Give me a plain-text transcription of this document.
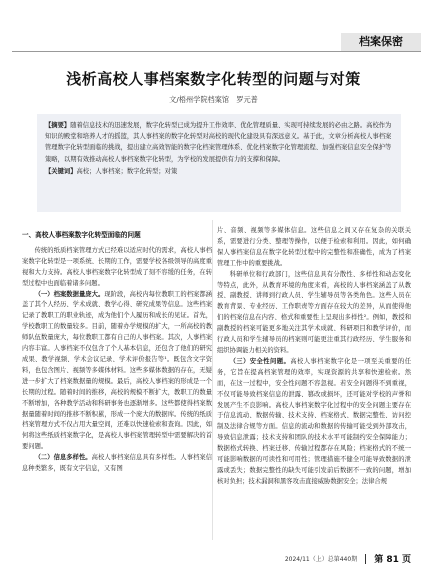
档案保密
浅析高校人事档案数字化转型的问题与对策
文/梧州学院档案馆　罗元普

【摘要】随着信息技术的迅速发展，数字化转型已成为提升工作效率、优化管理质量、实现可持续发展的必由之路。高校作为知识的殿堂和培养人才的摇篮，其人事档案的数字化转型对高校的现代化建设具有深远意义。基于此，文章分析高校人事档案管理数字化转型面临的挑战，提出建立高效智能的数字化档案管理体系、优化档案数字化管理流程、加强档案信息安全保护等策略，以期有效推动高校人事档案数字化转型，为学校的发展提供有力的支撑和保障。

【关键词】高校；人事档案；数字化转型；对策

一、高校人事档案数字化转型面临的问题

传统的纸质档案管理方式已经难以适应时代的需求，高校人事档案数字化转型是一项系统、长期的工作，需要学校各级领导的高度重视和大力支持。高校人事档案数字化转型成了刻不容缓的任务，在转型过程中也面临着诸多问题。

（一）档案数据量庞大。现阶段，高校内每位教职工的档案都涵盖了其个人经历、学术成就、教学心得、研究成果等信息。这些档案记录了教职工的职业轨迹，成为他们个人履历和成长的见证。首先，学校教职工的数量较多。目前，随着办学规模的扩大，一所高校的教师队伍数量庞大，每位教职工都有自己的人事档案。其次，人事档案内容丰富。人事档案不仅包含了个人基本信息，还包含了他们的研究成果、教学视频、学术会议记录、学术评价报告等¹。既包含文字资料，也包含图片、视频等多媒体材料。这些多媒体数据的存在，无疑进一步扩大了档案数据量的规模。最后，高校人事档案的形成是一个长期的过程。随着时间的推移，高校的规模不断扩大，教职工的数量不断增加，各种教学活动和科研事务也逐渐增多。这些都使得档案数据量随着时间的推移不断积累，形成一个庞大的数据库。传统的纸质档案管理方式不仅占用大量空间，还难以快速检索和查询。因此，如何将这些纸质档案数字化，是高校人事档案管理转型中需要解决的首要问题。

（二）信息多样性。高校人事档案信息具有多样性。人事档案信息种类繁多，既有文字信息，又有图

片、音频、视频等多媒体信息。这些信息之间又存在复杂的关联关系，需要进行分类、整理等操作，以便于检索和利用。因此，如何确保人事档案信息在数字化转型过程中的完整性和准确性，成为了档案管理工作中的重要挑战。

科研单位和行政部门，这些信息具有分散性、多样性和动态变化等特点，此外，从教育环境的角度来看，高校的人事档案涵盖了从教授、副教授、讲师到行政人员、学生辅导员等各类角色。这些人员在教育背景、专业经历、工作职责等方面存在较大的差异，从而使得他们的档案信息在内容、格式和重要性上呈现出多样性²。例如，教授和副教授的档案可能更多地关注其学术成就、科研项目和教学评价，而行政人员和学生辅导员的档案则可能更注重其行政经历、学生服务和组织协调能力相关的资料。

（三）安全性问题。高校人事档案数字化是一项至关重要的任务，它旨在提高档案管理的效率，实现资源的共享和快速检索。然而，在这一过程中，安全性问题不容忽视。若安全问题得不到重视，不仅可能导致档案信息的泄露、篡改或损坏，还可能对学校的声誉和发展产生不良影响。高校人事档案数字化过程中的安全问题主要存在于信息流动、数据传输、技术支持、档案格式、数据完整性、访问控制及法律合规等方面。信息的流动和数据的传输可能受到外部攻击，导致信息泄露；技术支持和团队的技术水平可能制约安全保障能力；数据格式转换、档案迁移、传输过程都存在风险；档案格式的不统一可能影响数据的可读性和可用性；管理措施不健全可能导致数据的泄露或丢失；数据完整性的缺失可能引发前后数据不一致的问题，增加核对负担；技术漏洞和黑客攻击直接威胁数据安全；法律合规

2024/11（上）总第440期 第 81 页
